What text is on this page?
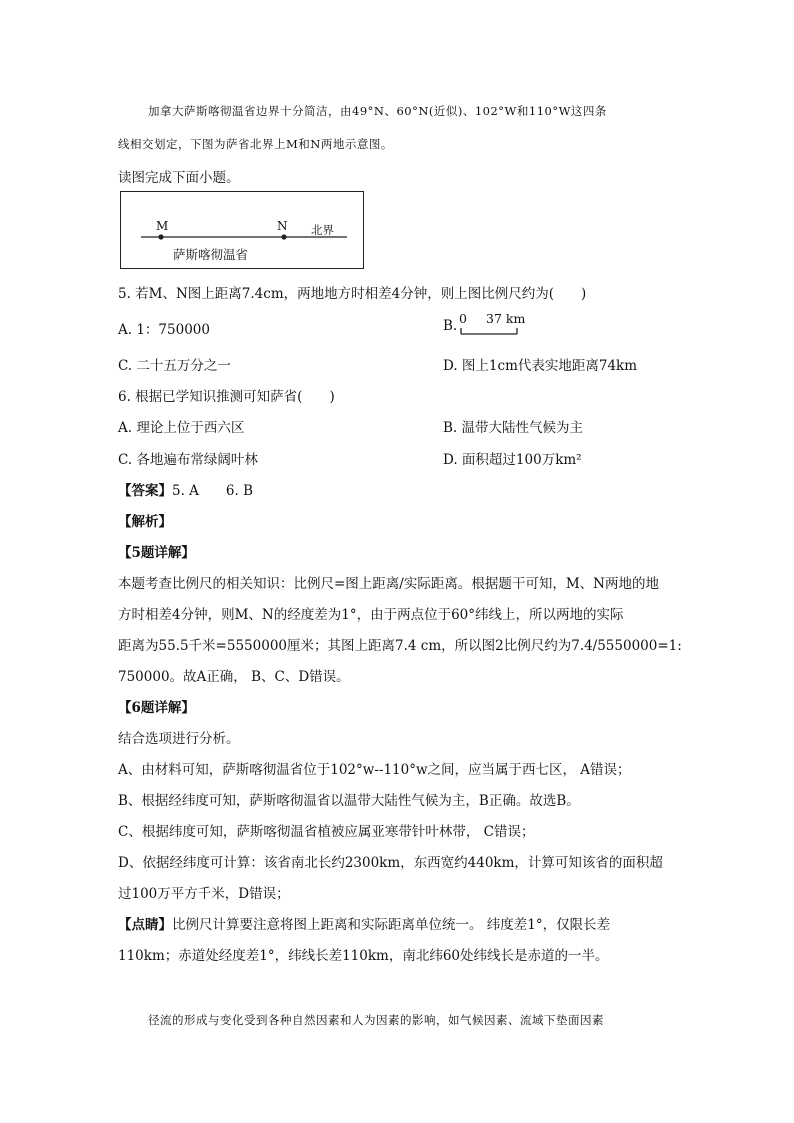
加拿大萨斯喀彻温省边界十分简洁，由49°N、60°N(近似)、102°W和110°W这四条
线相交划定，下图为萨省北界上M和N两地示意图。
读图完成下面小题。
M	N 北界
萨斯喀彻温省
5. 若M、N图上距离7.4cm，两地地方时相差4分钟，则上图比例尺约为(　　)
A. 1：750000	B. 0 37 km
C. 二十五万分之一	D. 图上1cm代表实地距离74km
6. 根据已学知识推测可知萨省(　　)
A. 理论上位于西六区	B. 温带大陆性气候为主
C. 各地遍布常绿阔叶林	D. 面积超过100万km²
【答案】5. A　　6. B
【解析】
【5题详解】
本题考查比例尺的相关知识：比例尺=图上距离/实际距离。根据题干可知，M、N两地的地
方时相差4分钟，则M、N的经度差为1°，由于两点位于60°纬线上，所以两地的实际
距离为55.5千米=5550000厘米；其图上距离7.4 cm，所以图2比例尺约为7.4/5550000=1:
750000。故A正确， B、C、D错误。
【6题详解】
结合选项进行分析。
A、由材料可知，萨斯喀彻温省位于102°w--110°w之间，应当属于西七区， A错误；
B、根据经纬度可知，萨斯喀彻温省以温带大陆性气候为主，B正确。故选B。
C、根据纬度可知，萨斯喀彻温省植被应属亚寒带针叶林带， C错误；
D、依据经纬度可计算：该省南北长约2300km，东西宽约440km，计算可知该省的面积超
过100万平方千米，D错误；
【点睛】比例尺计算要注意将图上距离和实际距离单位统一。 纬度差1°，仅限长差
110km；赤道处经度差1°，纬线长差110km，南北纬60处纬线长是赤道的一半。
径流的形成与变化受到各种自然因素和人为因素的影响，如气候因素、流域下垫面因素
